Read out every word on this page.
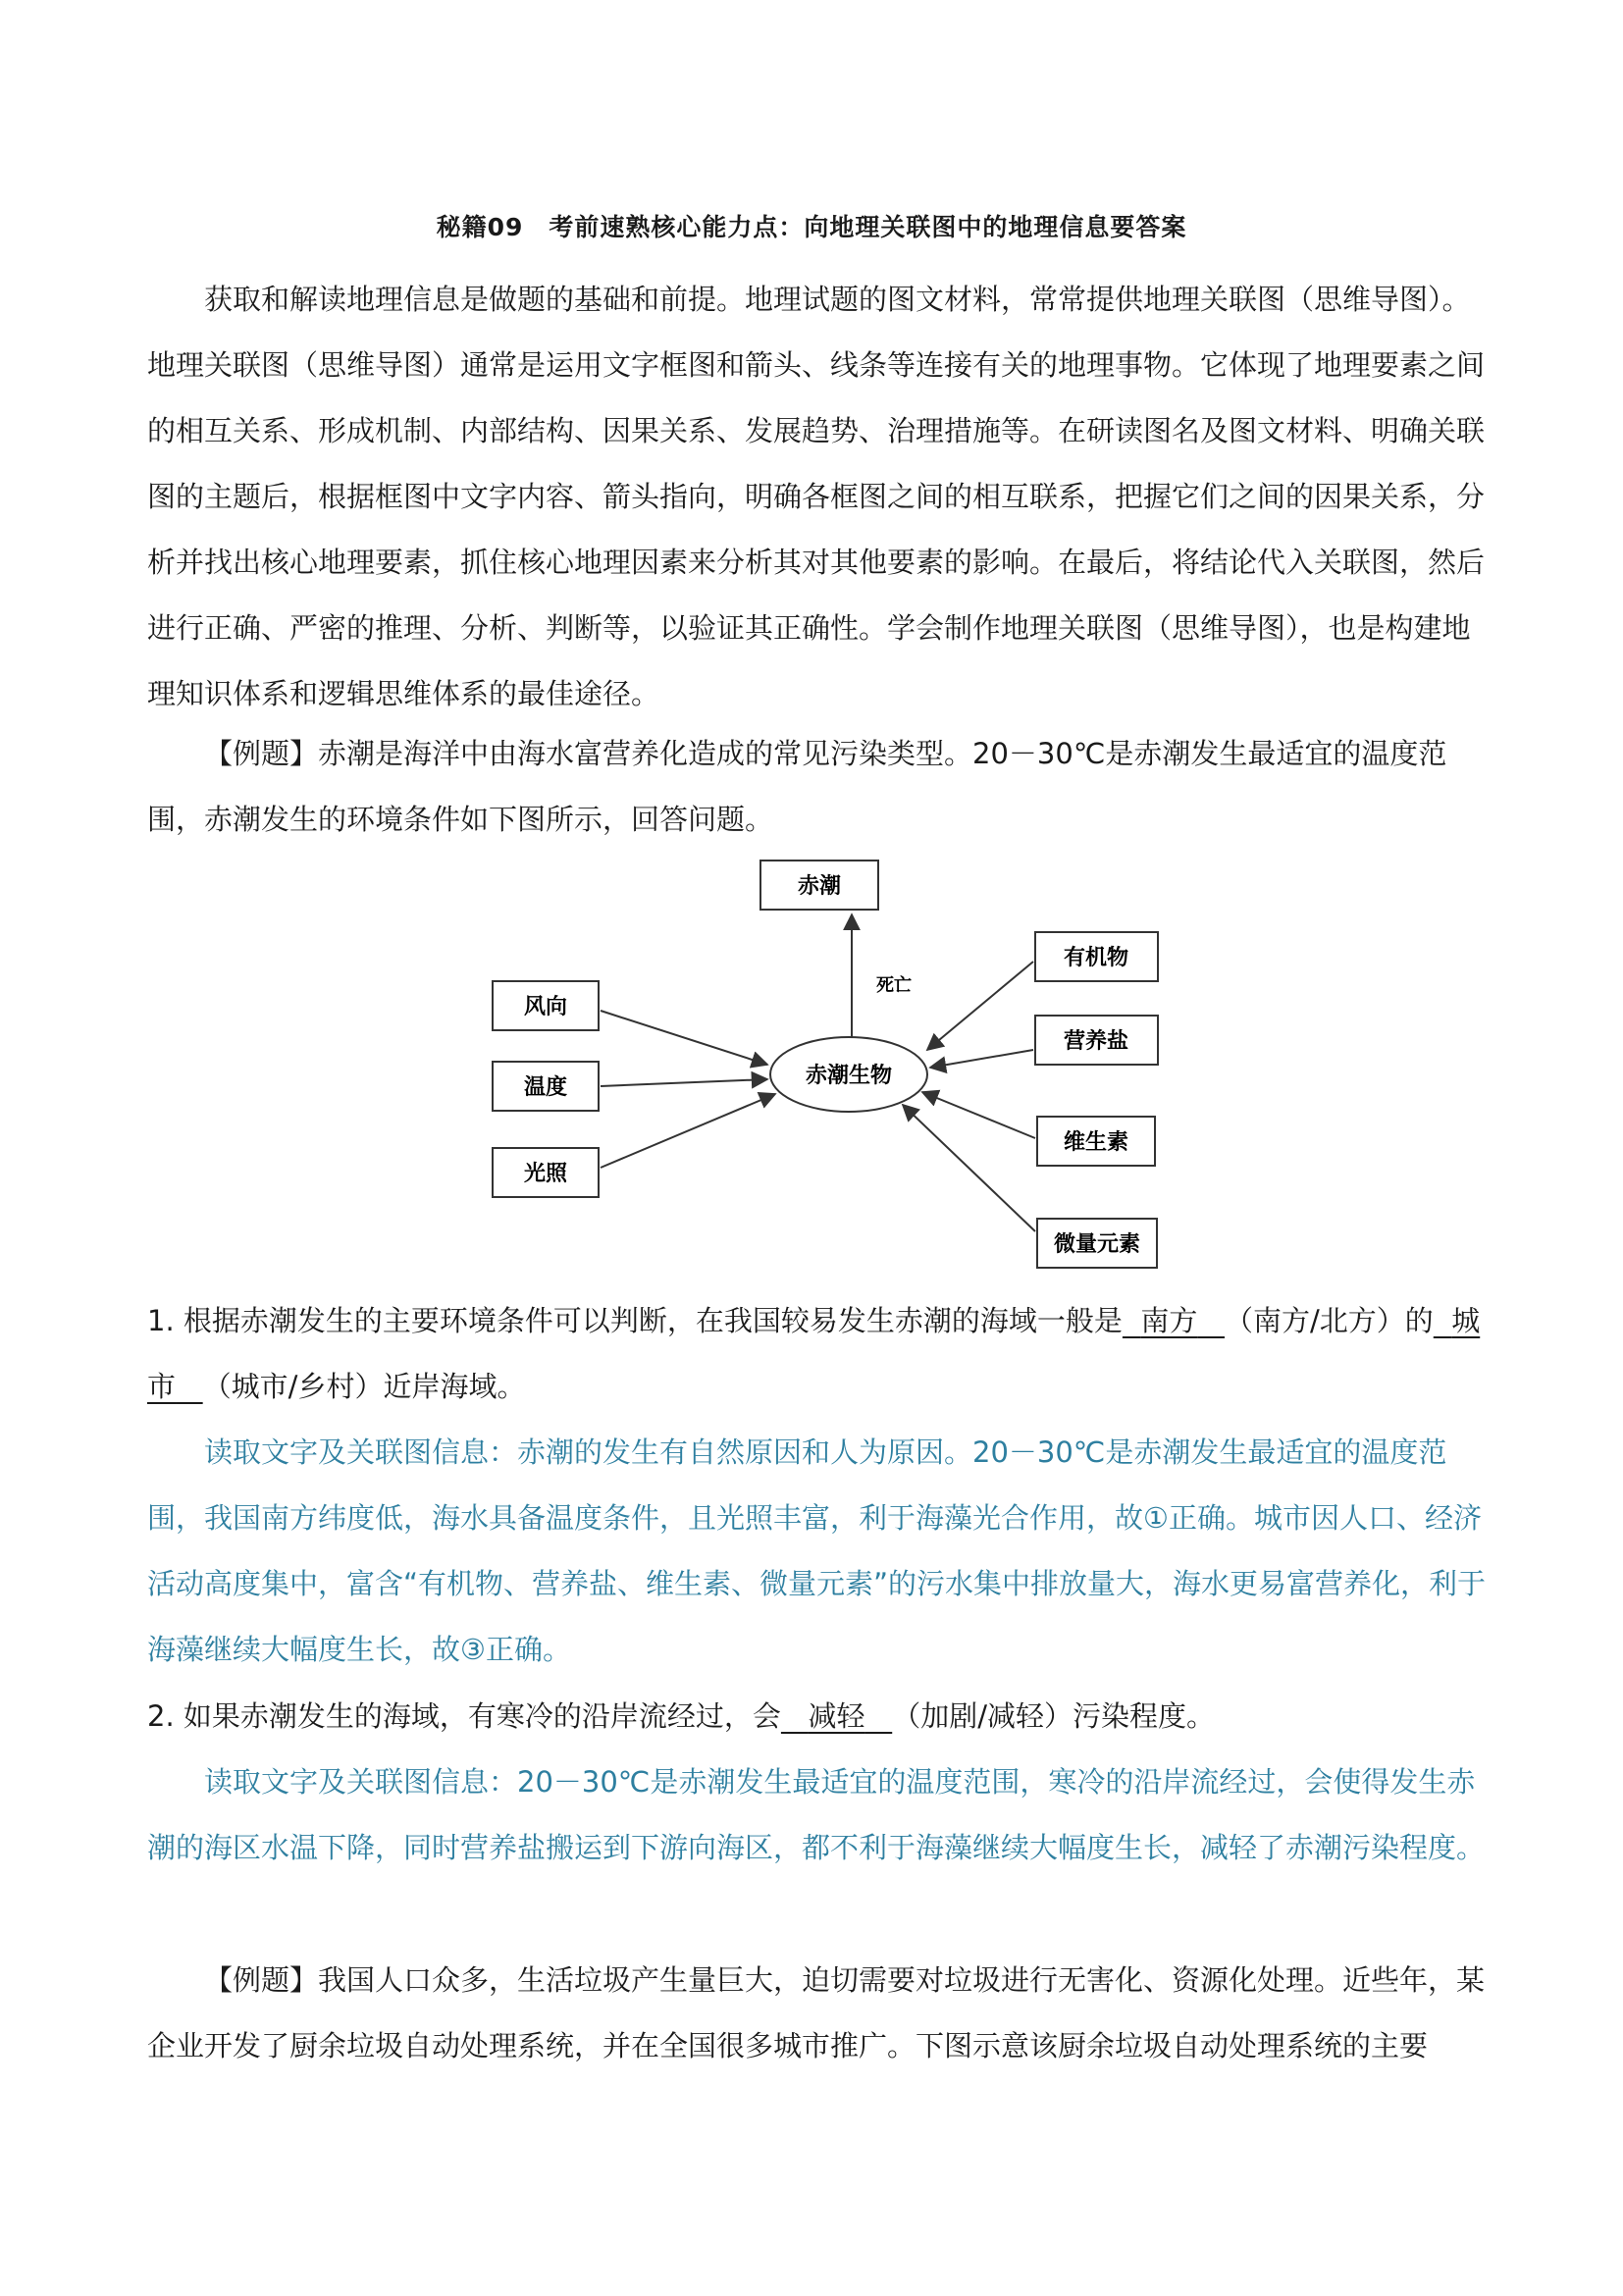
秘籍09　考前速熟核心能力点：向地理关联图中的地理信息要答案

获取和解读地理信息是做题的基础和前提。地理试题的图文材料，常常提供地理关联图（思维导图）。地理关联图（思维导图）通常是运用文字框图和箭头、线条等连接有关的地理事物。它体现了地理要素之间的相互关系、形成机制、内部结构、因果关系、发展趋势、治理措施等。在研读图名及图文材料、明确关联图的主题后，根据框图中文字内容、箭头指向，明确各框图之间的相互联系，把握它们之间的因果关系，分析并找出核心地理要素，抓住核心地理因素来分析其对其他要素的影响。在最后，将结论代入关联图，然后进行正确、严密的推理、分析、判断等，以验证其正确性。学会制作地理关联图（思维导图），也是构建地理知识体系和逻辑思维体系的最佳途径。

【例题】赤潮是海洋中由海水富营养化造成的常见污染类型。20－30℃是赤潮发生最适宜的温度范围，赤潮发生的环境条件如下图所示，回答问题。

赤潮
赤潮生物
死亡
风向
温度
光照
有机物
营养盐
维生素
微量元素

1. 根据赤潮发生的主要环境条件可以判断，在我国较易发生赤潮的海域一般是 南方 （南方/北方）的 城市 （城市/乡村）近岸海域。

读取文字及关联图信息：赤潮的发生有自然原因和人为原因。20－30℃是赤潮发生最适宜的温度范围，我国南方纬度低，海水具备温度条件，且光照丰富，利于海藻光合作用，故①正确。城市因人口、经济活动高度集中，富含“有机物、营养盐、维生素、微量元素”的污水集中排放量大，海水更易富营养化，利于海藻继续大幅度生长，故③正确。

2. 如果赤潮发生的海域，有寒冷的沿岸流经过，会 减轻 （加剧/减轻）污染程度。

读取文字及关联图信息：20－30℃是赤潮发生最适宜的温度范围，寒冷的沿岸流经过，会使得发生赤潮的海区水温下降，同时营养盐搬运到下游向海区，都不利于海藻继续大幅度生长，减轻了赤潮污染程度。

【例题】我国人口众多，生活垃圾产生量巨大，迫切需要对垃圾进行无害化、资源化处理。近些年，某企业开发了厨余垃圾自动处理系统，并在全国很多城市推广。下图示意该厨余垃圾自动处理系统的主要
